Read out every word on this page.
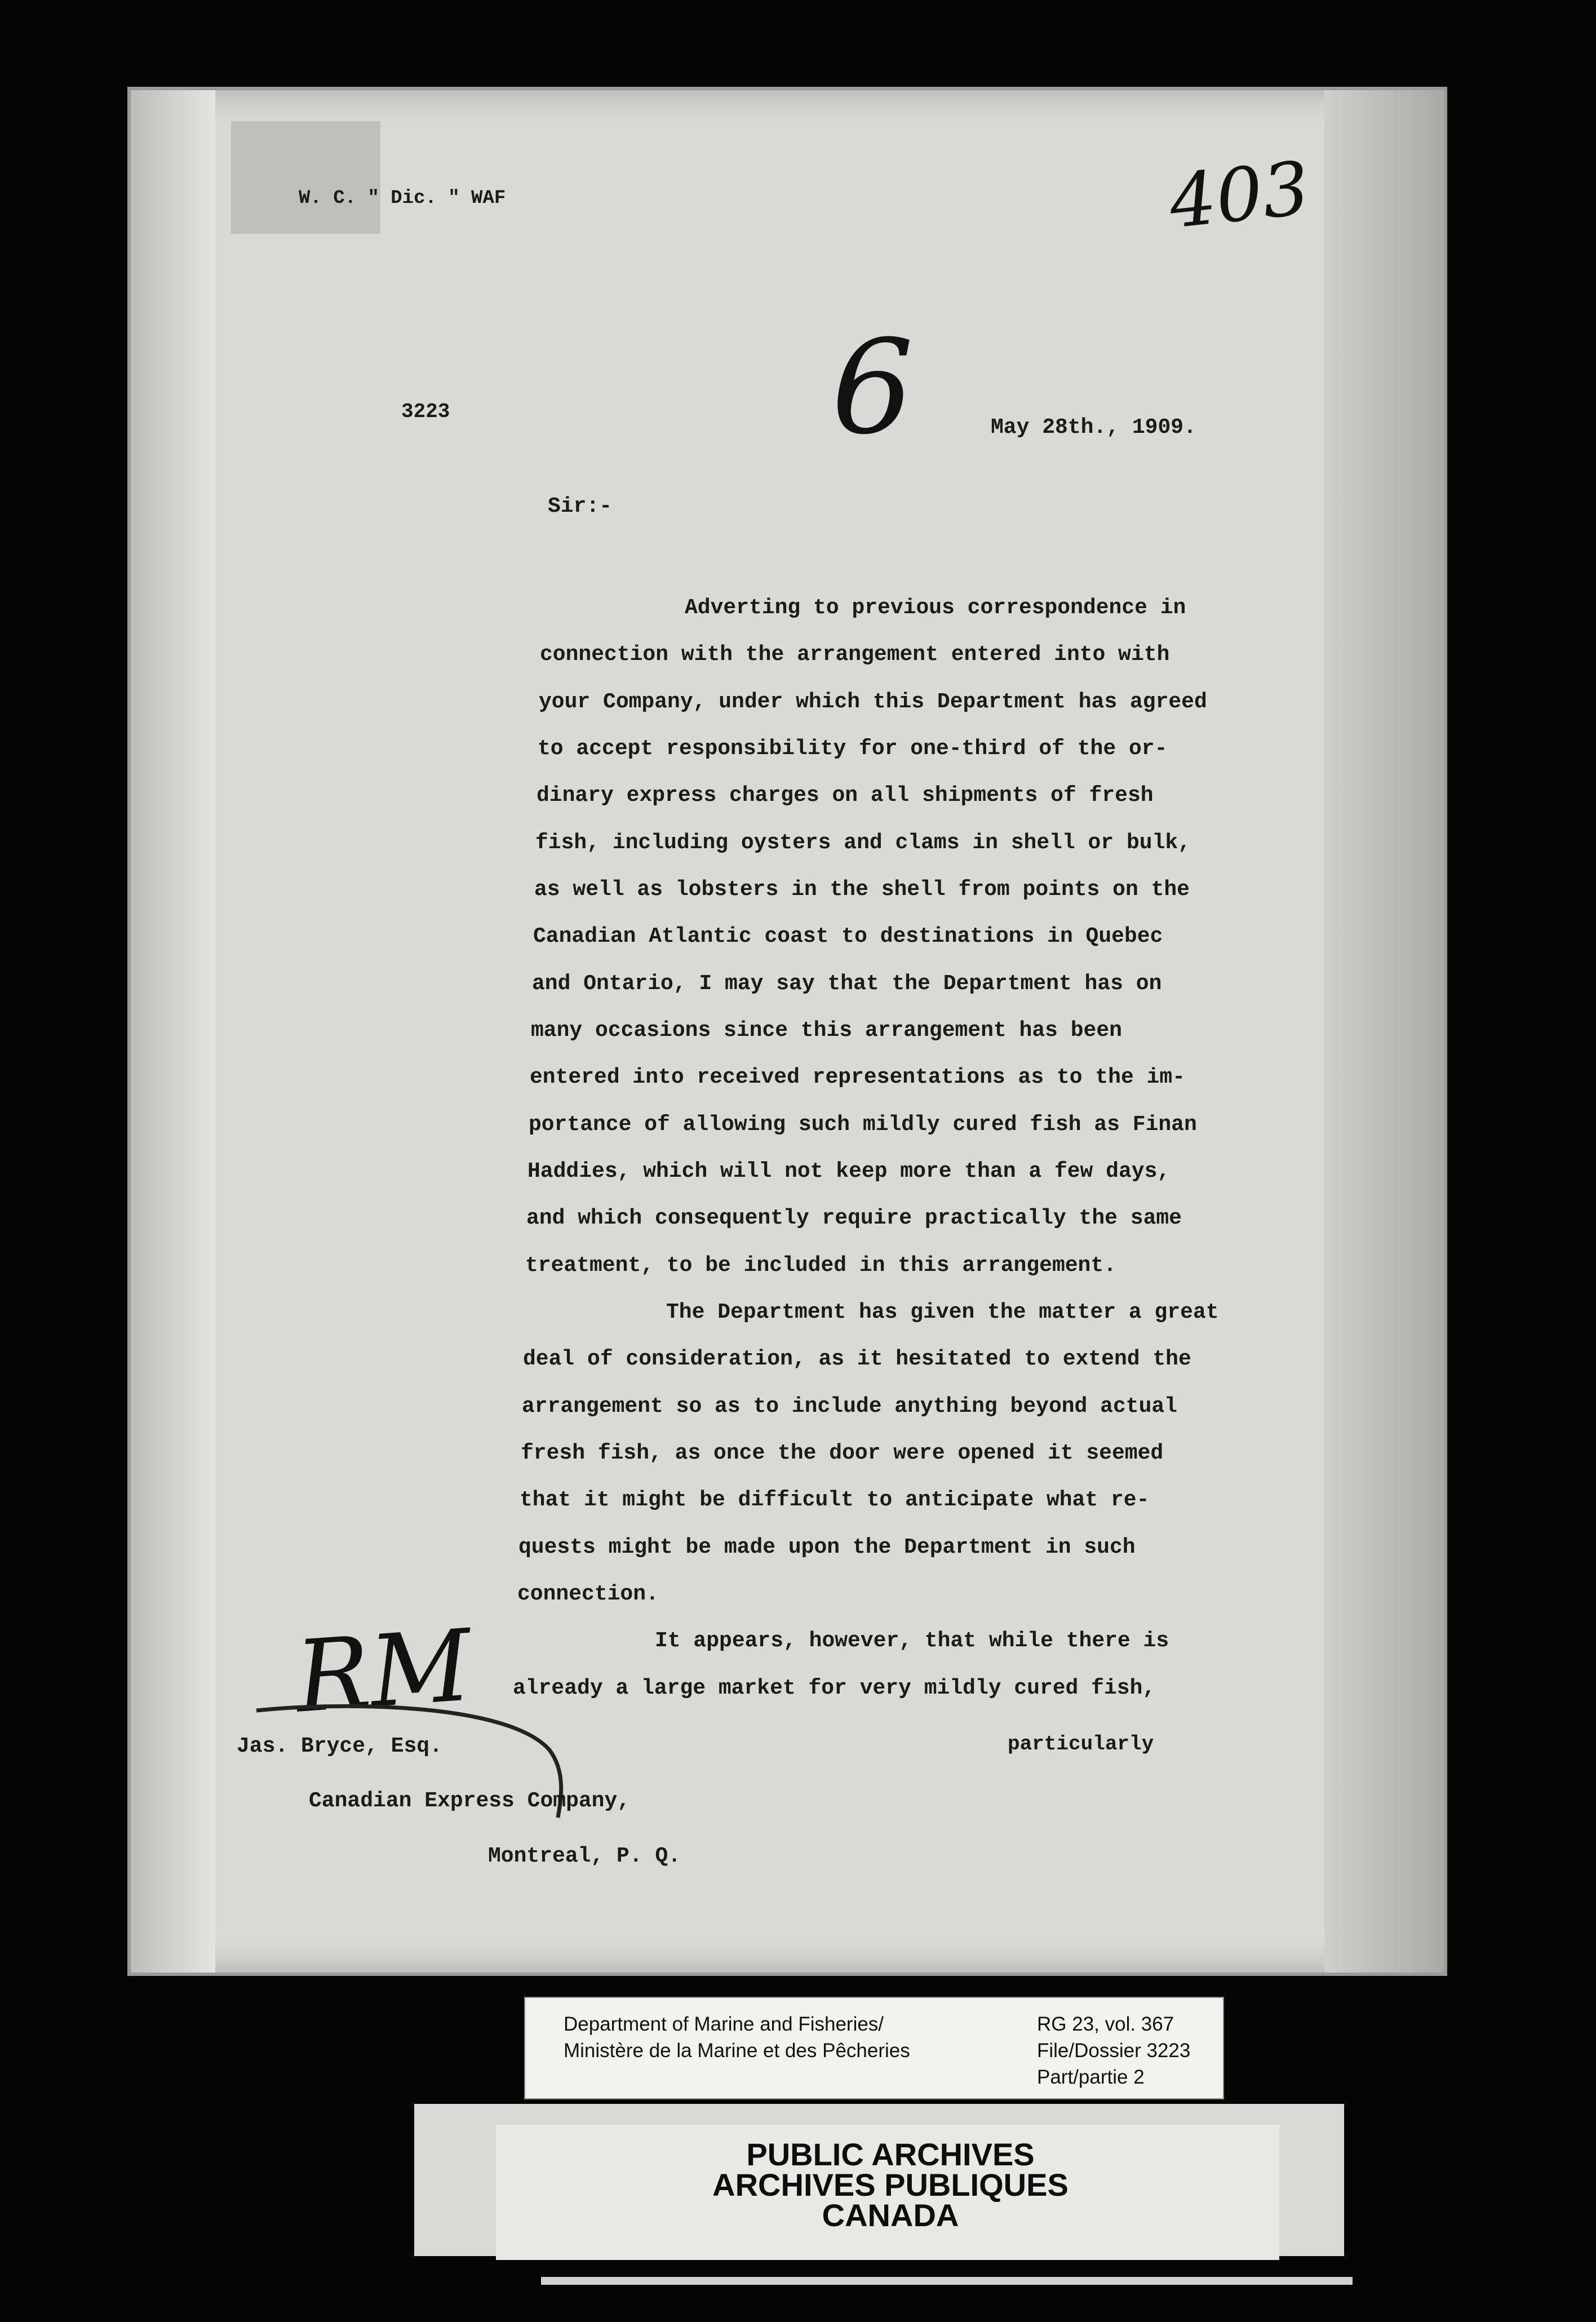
W. C. " Dic. " WAF	403
3223	6	May 28th., 1909.
Sir:-
Adverting to previous correspondence in
connection with the arrangement entered into with
your Company, under which this Department has agreed
to accept responsibility for one-third of the or-
dinary express charges on all shipments of fresh
fish, including oysters and clams in shell or bulk,
as well as lobsters in the shell from points on the
Canadian Atlantic coast to destinations in Quebec
and Ontario, I may say that the Department has on
many occasions since this arrangement has been
entered into received representations as to the im-
portance of allowing such mildly cured fish as Finan
Haddies, which will not keep more than a few days,
and which consequently require practically the same
treatment, to be included in this arrangement.
The Department has given the matter a great
deal of consideration, as it hesitated to extend the
arrangement so as to include anything beyond actual
fresh fish, as once the door were opened it seemed
that it might be difficult to anticipate what re-
quests might be made upon the Department in such
connection.
It appears, however, that while there is
already a large market for very mildly cured fish,
particularly
RM
Jas. Bryce, Esq.
Canadian Express Company,
Montreal, P. Q.
Department of Marine and Fisheries/
Ministère de la Marine et des Pêcheries
RG 23, vol. 367
File/Dossier 3223
Part/partie 2
PUBLIC ARCHIVES
ARCHIVES PUBLIQUES
CANADA
